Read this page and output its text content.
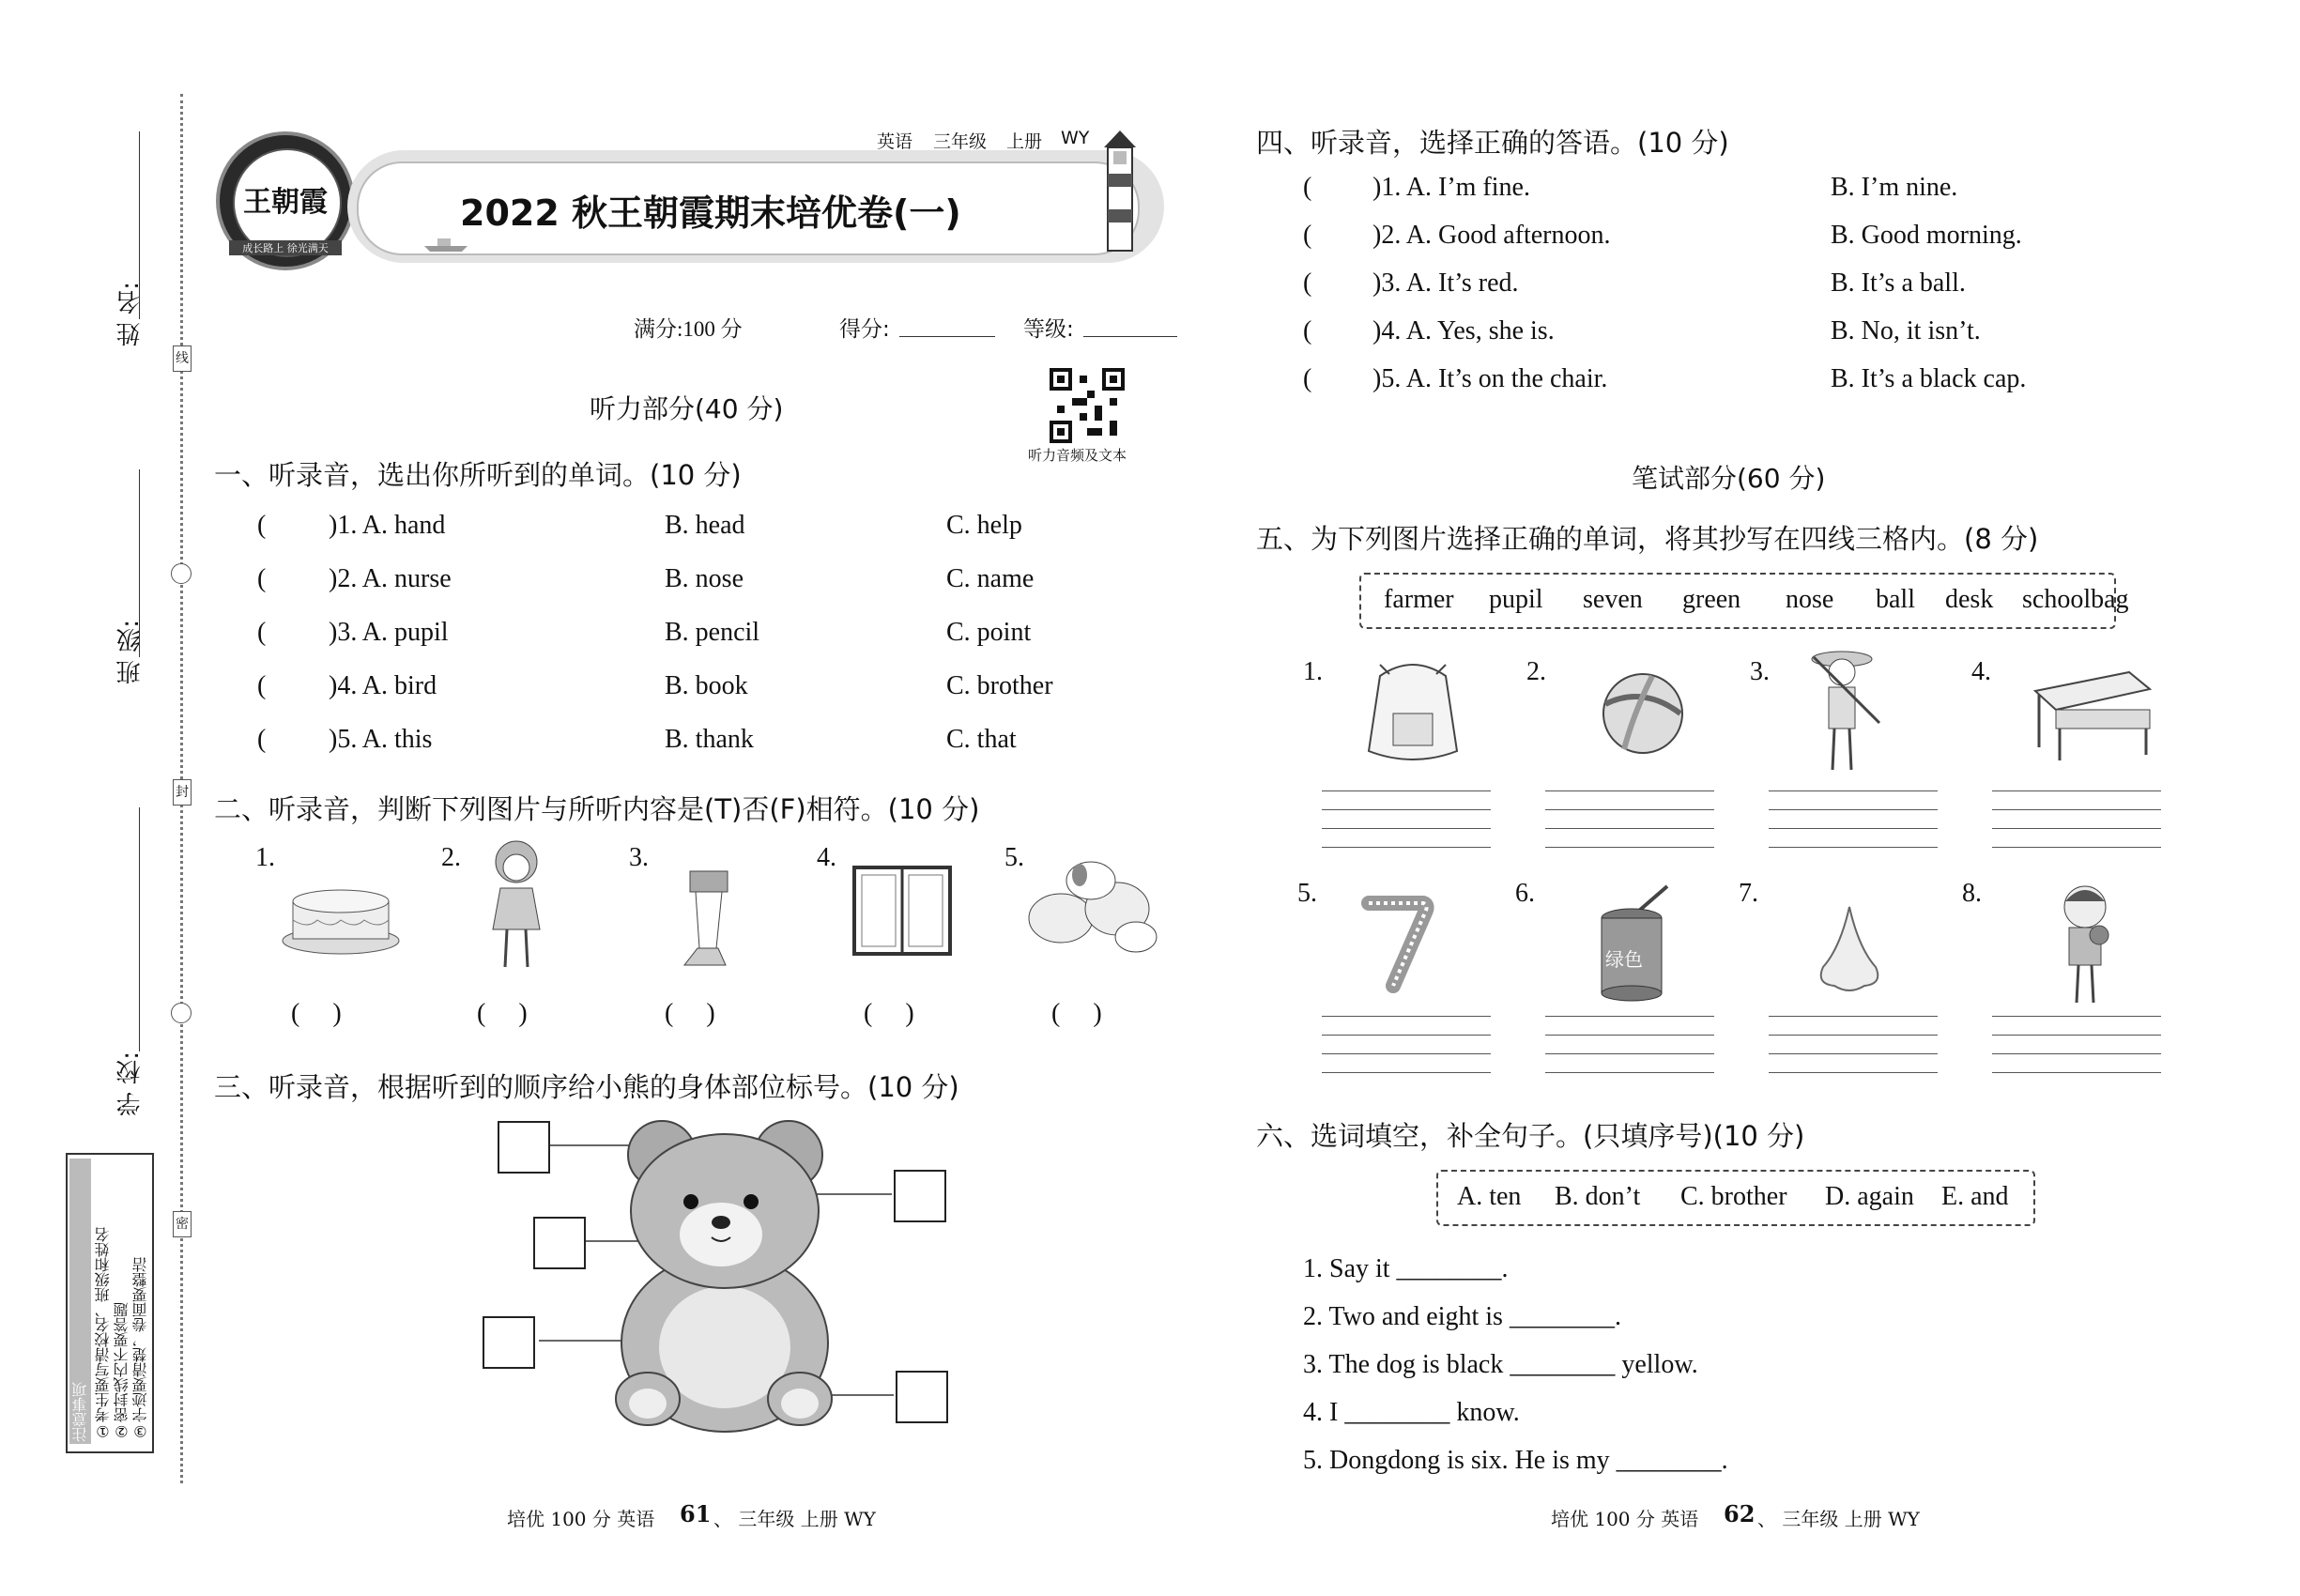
姓 名:
班 级:
学 校:
线
封
密
注意事项 ①考生要写清校名、班级和姓名 ②密封线内不要答题 ③字迹要清楚，卷面要整洁
王朝霞
成长路上 徐光满天
2022 秋王朝霞期末培优卷(一)
英语 三年级 上册 WY
满分:100 分	得分:	等级:
听力音频及文本
听力部分(40 分)
一、听录音，选出你所听到的单词。(10 分)
( )1. A. hand	B. head	C. help
( )2. A. nurse	B. nose	C. name
( )3. A. pupil	B. pencil	C. point
( )4. A. bird	B. book	C. brother
( )5. A. this	B. thank	C. that
二、听录音，判断下列图片与所听内容是(T)否(F)相符。(10 分)
1.	2.	3.	4.	5.
(     )	(     )	(     )	(     )	(     )
三、听录音，根据听到的顺序给小熊的身体部位标号。(10 分)
培优 100 分 英语 61 、 三年级 上册 WY
四、听录音，选择正确的答语。(10 分)
( )1. A. I’m fine.	B. I’m nine.
( )2. A. Good afternoon.	B. Good morning.
( )3. A. It’s red.	B. It’s a ball.
( )4. A. Yes, she is.	B. No, it isn’t.
( )5. A. It’s on the chair.	B. It’s a black cap.
笔试部分(60 分)
五、为下列图片选择正确的单词，将其抄写在四线三格内。(8 分)
farmer pupil seven green nose ball desk schoolbag
1.	2.	3.	4.
5.	6.	7.	8.
绿色
六、选词填空，补全句子。(只填序号)(10 分)
A. ten B. don’t C. brother D. again E. and
1. Say it ________.
2. Two and eight is ________.
3. The dog is black ________ yellow.
4. I ________ know.
5. Dongdong is six. He is my ________.
培优 100 分 英语 62 、 三年级 上册 WY
